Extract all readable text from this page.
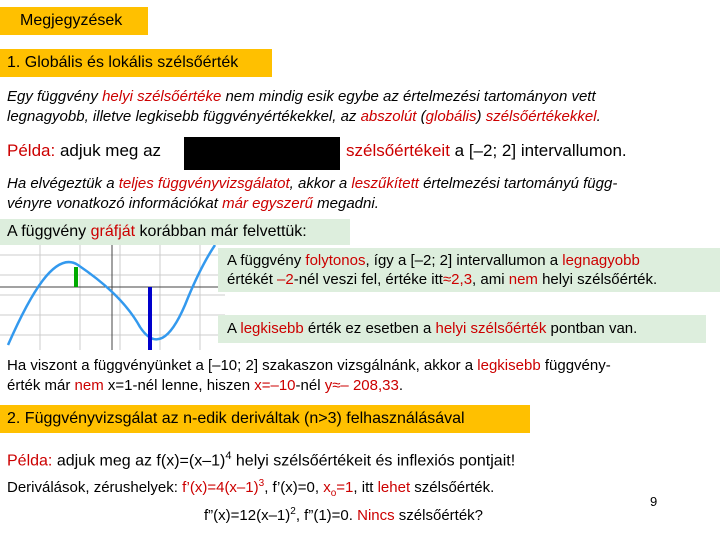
Megjegyzések
1. Globális és lokális szélsőérték
Egy függvény helyi szélsőértéke nem mindig esik egybe az értelmezési tartományon vett
legnagyobb, illetve legkisebb függvényértékekkel, az abszolút (globális) szélsőértékekkel.
Példa: adjuk meg az	szélsőértékeit a [–2; 2] intervallumon.
Ha elvégeztük a teljes függvényvizsgálatot, akkor a leszűkített értelmezési tartományú függ-
vényre vonatkozó információkat már egyszerű megadni.
A függvény gráfját korábban már felvettük:
A függvény folytonos, így a [–2; 2] intervallumon a legnagyobb
értékét –2-nél veszi fel, értéke itt≈2,3, ami nem helyi szélsőérték.
A legkisebb érték ez esetben a helyi szélsőérték pontban van.
Ha viszont a függvényünket a [–10; 2] szakaszon vizsgálnánk, akkor a legkisebb függvény-
érték már nem x=1-nél lenne, hiszen x=–10-nél y≈– 208,33.
2. Függvényvizsgálat az n-edik deriváltak (n>3) felhasználásával
Példa: adjuk meg az $f(x)=(x-1)^4$ helyi szélsőértékeit és inflexiós pontjait!
Deriválások, zérushelyek: $f’(x)=4(x-1)^3$, f’(x)=0, $x_o=1$, itt lehet szélsőérték.
$f”(x)=12(x-1)^2$, f”(1)=0. Nincs szélsőérték?
9
